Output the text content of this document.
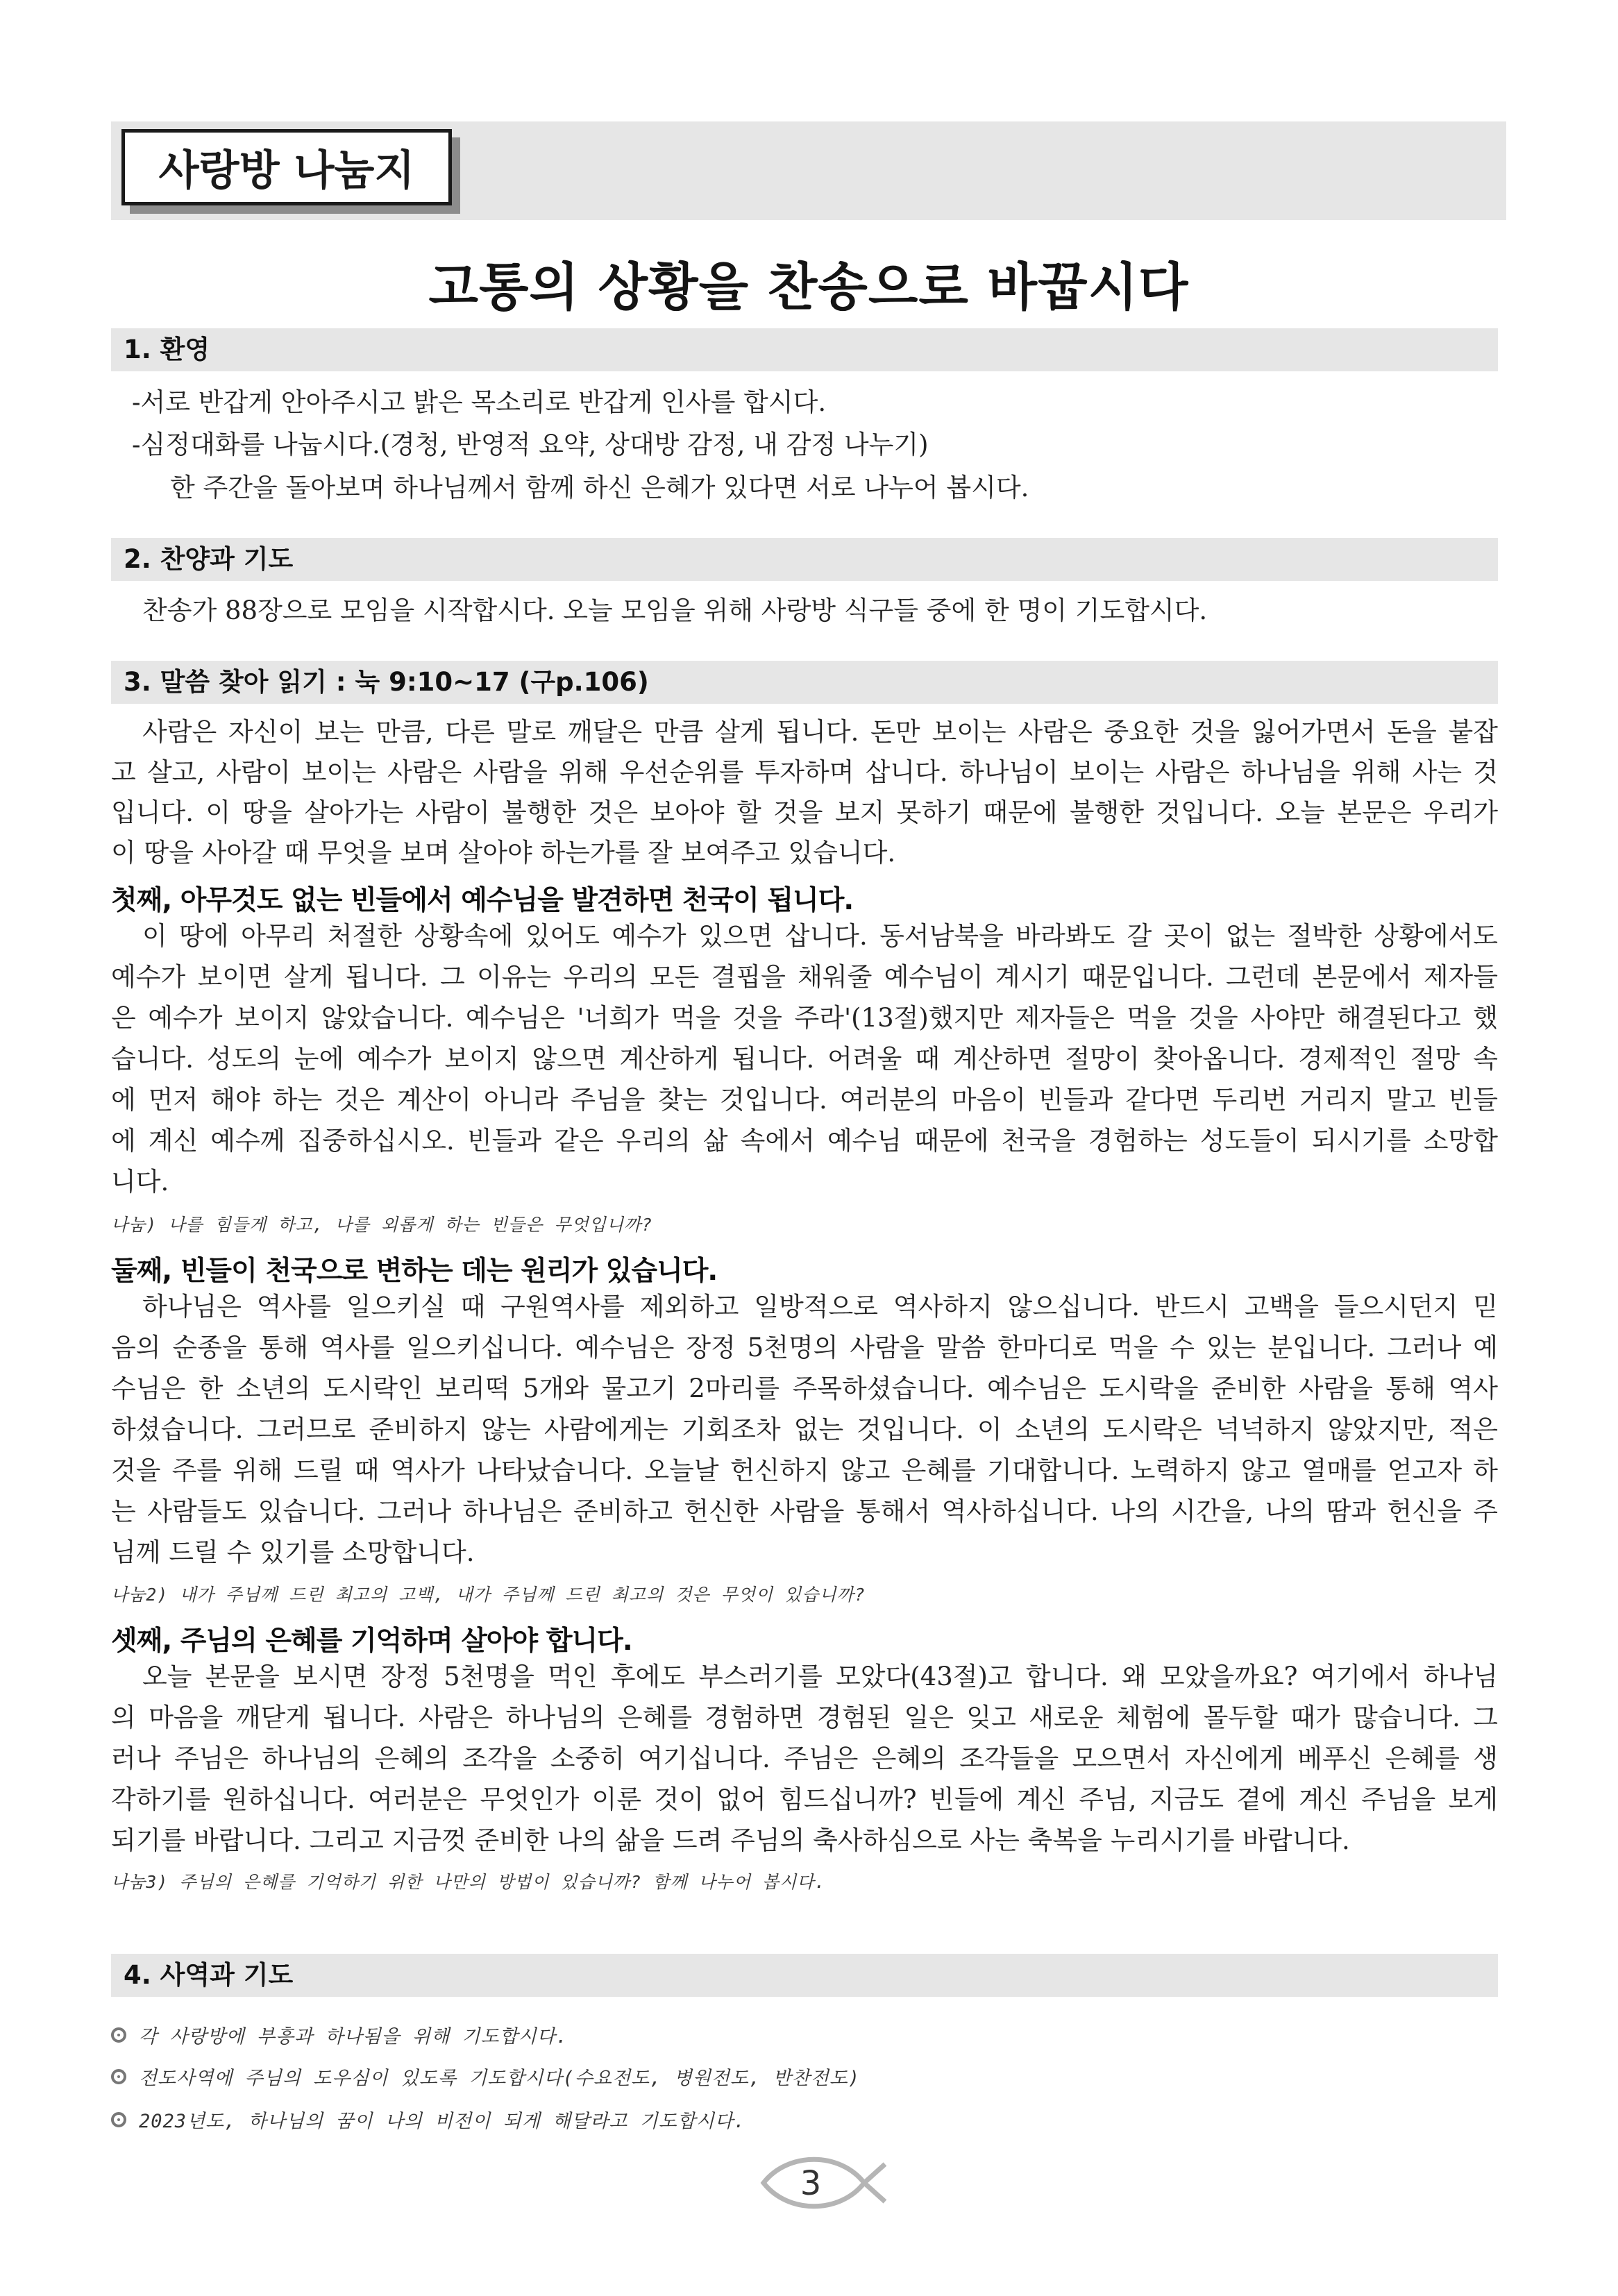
사랑방 나눔지
고통의 상황을 찬송으로 바꿉시다
1. 환영
-서로 반갑게 안아주시고 밝은 목소리로 반갑게 인사를 합시다.
-심정대화를 나눕시다.(경청, 반영적 요약, 상대방 감정, 내 감정 나누기)
한 주간을 돌아보며 하나님께서 함께 하신 은혜가 있다면 서로 나누어 봅시다.
2. 찬양과 기도
찬송가 88장으로 모임을 시작합시다. 오늘 모임을 위해 사랑방 식구들 중에 한 명이 기도합시다.
3. 말씀 찾아 읽기 : 눅 9:10~17 (구p.106)
사람은 자신이 보는 만큼, 다른 말로 깨달은 만큼 살게 됩니다. 돈만 보이는 사람은 중요한 것을 잃어가면서 돈을 붙잡
고 살고, 사람이 보이는 사람은 사람을 위해 우선순위를 투자하며 삽니다. 하나님이 보이는 사람은 하나님을 위해 사는 것
입니다. 이 땅을 살아가는 사람이 불행한 것은 보아야 할 것을 보지 못하기 때문에 불행한 것입니다. 오늘 본문은 우리가
이 땅을 사아갈 때 무엇을 보며 살아야 하는가를 잘 보여주고 있습니다.
첫째, 아무것도 없는 빈들에서 예수님을 발견하면 천국이 됩니다.
이 땅에 아무리 처절한 상황속에 있어도 예수가 있으면 삽니다. 동서남북을 바라봐도 갈 곳이 없는 절박한 상황에서도
예수가 보이면 살게 됩니다. 그 이유는 우리의 모든 결핍을 채워줄 예수님이 계시기 때문입니다. 그런데 본문에서 제자들
은 예수가 보이지 않았습니다. 예수님은 '너희가 먹을 것을 주라'(13절)했지만 제자들은 먹을 것을 사야만 해결된다고 했
습니다. 성도의 눈에 예수가 보이지 않으면 계산하게 됩니다. 어려울 때 계산하면 절망이 찾아옵니다. 경제적인 절망 속
에 먼저 해야 하는 것은 계산이 아니라 주님을 찾는 것입니다. 여러분의 마음이 빈들과 같다면 두리번 거리지 말고 빈들
에 계신 예수께 집중하십시오. 빈들과 같은 우리의 삶 속에서 예수님 때문에 천국을 경험하는 성도들이 되시기를 소망합
니다.
나눔) 나를 힘들게 하고, 나를 외롭게 하는 빈들은 무엇입니까?
둘째, 빈들이 천국으로 변하는 데는 원리가 있습니다.
하나님은 역사를 일으키실 때 구원역사를 제외하고 일방적으로 역사하지 않으십니다. 반드시 고백을 들으시던지 믿
음의 순종을 통해 역사를 일으키십니다. 예수님은 장정 5천명의 사람을 말씀 한마디로 먹을 수 있는 분입니다. 그러나 예
수님은 한 소년의 도시락인 보리떡 5개와 물고기 2마리를 주목하셨습니다. 예수님은 도시락을 준비한 사람을 통해 역사
하셨습니다. 그러므로 준비하지 않는 사람에게는 기회조차 없는 것입니다. 이 소년의 도시락은 넉넉하지 않았지만, 적은
것을 주를 위해 드릴 때 역사가 나타났습니다. 오늘날 헌신하지 않고 은혜를 기대합니다. 노력하지 않고 열매를 얻고자 하
는 사람들도 있습니다. 그러나 하나님은 준비하고 헌신한 사람을 통해서 역사하십니다. 나의 시간을, 나의 땀과 헌신을 주
님께 드릴 수 있기를 소망합니다.
나눔2) 내가 주님께 드린 최고의 고백, 내가 주님께 드린 최고의 것은 무엇이 있습니까?
셋째, 주님의 은혜를 기억하며 살아야 합니다.
오늘 본문을 보시면 장정 5천명을 먹인 후에도 부스러기를 모았다(43절)고 합니다. 왜 모았을까요? 여기에서 하나님
의 마음을 깨닫게 됩니다. 사람은 하나님의 은혜를 경험하면 경험된 일은 잊고 새로운 체험에 몰두할 때가 많습니다. 그
러나 주님은 하나님의 은혜의 조각을 소중히 여기십니다. 주님은 은혜의 조각들을 모으면서 자신에게 베푸신 은혜를 생
각하기를 원하십니다. 여러분은 무엇인가 이룬 것이 없어 힘드십니까? 빈들에 계신 주님, 지금도 곁에 계신 주님을 보게
되기를 바랍니다. 그리고 지금껏 준비한 나의 삶을 드려 주님의 축사하심으로 사는 축복을 누리시기를 바랍니다.
나눔3) 주님의 은혜를 기억하기 위한 나만의 방법이 있습니까? 함께 나누어 봅시다.
4. 사역과 기도
각 사랑방에 부흥과 하나됨을 위해 기도합시다.
전도사역에 주님의 도우심이 있도록 기도합시다(수요전도, 병원전도, 반찬전도)
2023년도, 하나님의 꿈이 나의 비전이 되게 해달라고 기도합시다.
3
